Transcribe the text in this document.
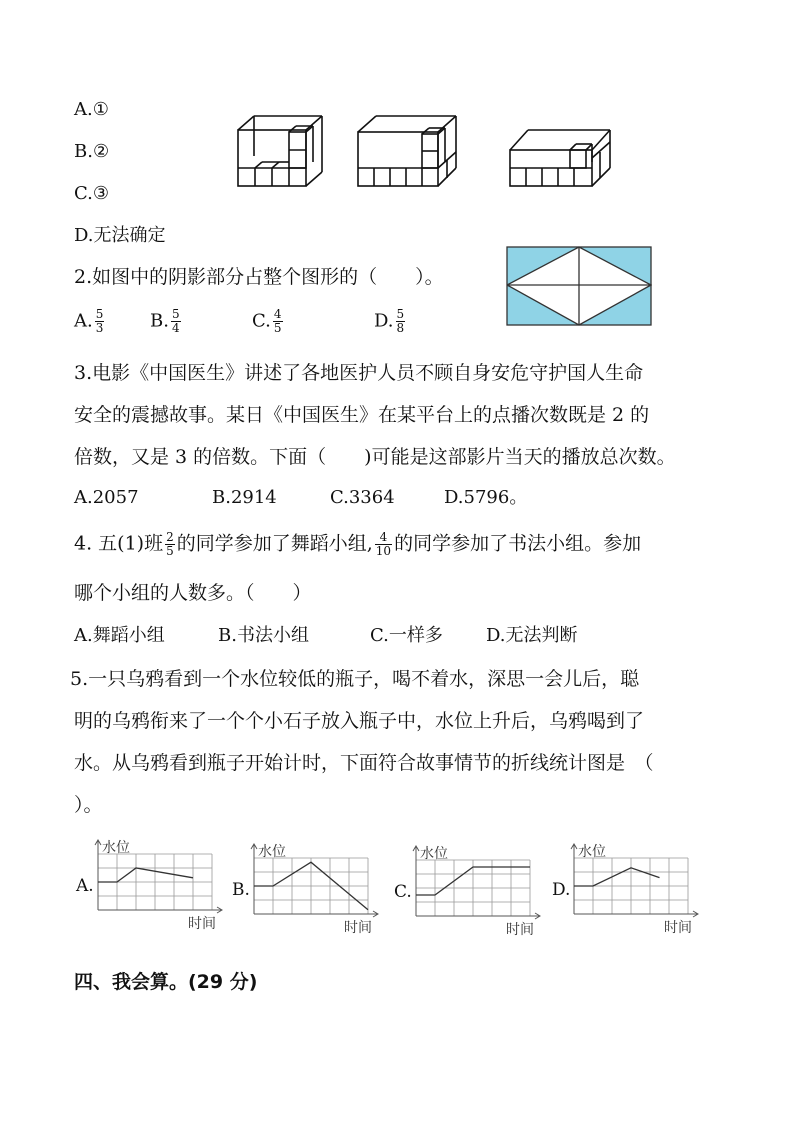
A.①
B.②
C.③
D.无法确定
2.如图中的阴影部分占整个图形的（　　）。
A. $\frac{5}{3}$	B. $\frac{5}{4}$	C. $\frac{4}{5}$	D. $\frac{5}{8}$
3.电影《中国医生》讲述了各地医护人员不顾自身安危守护国人生命
安全的震撼故事。某日《中国医生》在某平台上的点播次数既是 2 的
倍数，又是 3 的倍数。下面（　　)可能是这部影片当天的播放总次数。
A.2057	B.2914	C.3364	D.5796。
4. 五(1)班 $\frac{2}{5}$ 的同学参加了舞蹈小组, $\frac{4}{10}$ 的同学参加了书法小组。参加
哪个小组的人数多。（　　）
A.舞蹈小组	B.书法小组	C.一样多 D.无法判断
5.一只乌鸦看到一个水位较低的瓶子，喝不着水，深思一会儿后，聪
明的乌鸦衔来了一个个小石子放入瓶子中，水位上升后，乌鸦喝到了
水。从乌鸦看到瓶子开始计时，下面符合故事情节的折线统计图是　（
）。
水位
时间
A.
水位
时间
B.
水位
时间
C.
水位
时间
D.
四、我会算。(29 分)
